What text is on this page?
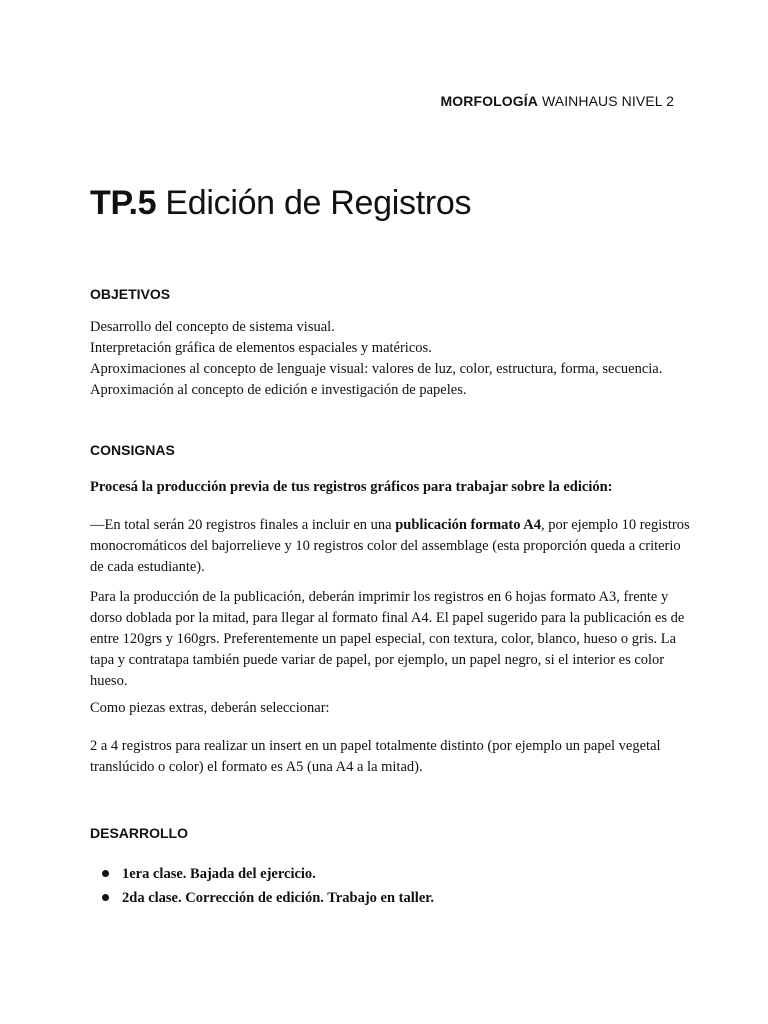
MORFOLOGÍA WAINHAUS NIVEL 2
TP.5 Edición de Registros
OBJETIVOS

Desarrollo del concepto de sistema visual.

Interpretación gráfica de elementos espaciales y matéricos.

Aproximaciones al concepto de lenguaje visual: valores de luz, color, estructura, forma, secuencia.

Aproximación al concepto de edición e investigación de papeles.

CONSIGNAS

Procesá la producción previa de tus registros gráficos para trabajar sobre la edición:

—En total serán 20 registros finales a incluir en una publicación formato A4, por ejemplo 10 registros monocromáticos del bajorrelieve y 10 registros color del assemblage (esta proporción queda a criterio de cada estudiante).

Para la producción de la publicación, deberán imprimir los registros en 6 hojas formato A3, frente y dorso doblada por la mitad, para llegar al formato final A4. El papel sugerido para la publicación es de entre 120grs y 160grs. Preferentemente un papel especial, con textura, color, blanco, hueso o gris. La tapa y contratapa también puede variar de papel, por ejemplo, un papel negro, si el interior es color hueso.

Como piezas extras, deberán seleccionar:

2 a 4 registros para realizar un insert en un papel totalmente distinto (por ejemplo un papel vegetal translúcido o color) el formato es A5 (una A4 a la mitad).

DESARROLLO
1era clase. Bajada del ejercicio.
2da clase. Corrección de edición. Trabajo en taller.
